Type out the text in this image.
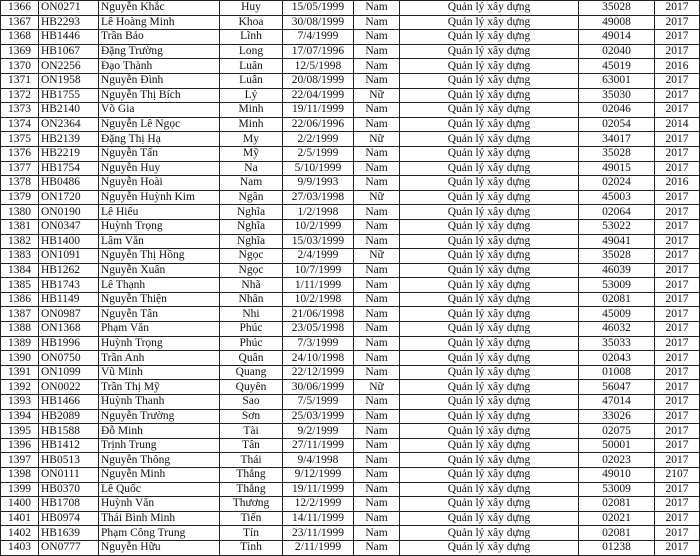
1366	ON0271	Nguyễn Khắc	Huy	15/05/1999	Nam	Quản lý xây dựng	35028	2017
1367	HB2293	Lê Hoàng Minh	Khoa	30/08/1999	Nam	Quản lý xây dựng	49008	2017
1368	HB1446	Trần Bảo	Lĩnh	7/4/1999	Nam	Quản lý xây dựng	49014	2017
1369	HB1067	Đặng Trường	Long	17/07/1996	Nam	Quản lý xây dựng	02040	2017
1370	ON2256	Đạo Thành	Luân	12/5/1998	Nam	Quản lý xây dựng	45019	2016
1371	ON1958	Nguyễn Đình	Luân	20/08/1999	Nam	Quản lý xây dựng	63001	2017
1372	HB1755	Nguyễn Thị Bích	Lý	22/04/1999	Nữ	Quản lý xây dựng	35030	2017
1373	HB2140	Võ Gia	Minh	19/11/1999	Nam	Quản lý xây dựng	02046	2017
1374	ON2364	Nguyễn Lê Ngọc	Minh	22/06/1996	Nam	Quản lý xây dựng	02054	2014
1375	HB2139	Đặng Thị Hạ	My	2/2/1999	Nữ	Quản lý xây dựng	34017	2017
1376	HB2219	Nguyễn Tấn	Mỹ	2/5/1999	Nam	Quản lý xây dựng	35028	2017
1377	HB1754	Nguyễn Huy	Na	5/10/1999	Nam	Quản lý xây dựng	49015	2017
1378	HB0486	Nguyễn Hoài	Nam	9/9/1993	Nam	Quản lý xây dựng	02024	2016
1379	ON1720	Nguyễn Huỳnh Kim	Ngân	27/03/1998	Nữ	Quản lý xây dựng	45003	2017
1380	ON0190	Lê Hiếu	Nghĩa	1/2/1998	Nam	Quản lý xây dựng	02064	2017
1381	ON0347	Huỳnh Trọng	Nghĩa	10/2/1999	Nam	Quản lý xây dựng	53022	2017
1382	HB1400	Lâm Văn	Nghĩa	15/03/1999	Nam	Quản lý xây dựng	49041	2017
1383	ON1091	Nguyễn Thị Hồng	Ngọc	2/4/1999	Nữ	Quản lý xây dựng	35028	2017
1384	HB1262	Nguyễn Xuân	Ngọc	10/7/1999	Nam	Quản lý xây dựng	46039	2017
1385	HB1743	Lê Thạnh	Nhã	1/11/1999	Nam	Quản lý xây dựng	53009	2017
1386	HB1149	Nguyễn Thiện	Nhân	10/2/1998	Nam	Quản lý xây dựng	02081	2017
1387	ON0987	Nguyễn Tân	Nhi	21/06/1998	Nam	Quản lý xây dựng	45009	2017
1388	ON1368	Phạm Văn	Phúc	23/05/1998	Nam	Quản lý xây dựng	46032	2017
1389	HB1996	Huỳnh Trọng	Phúc	7/3/1999	Nam	Quản lý xây dựng	35033	2017
1390	ON0750	Trần Anh	Quân	24/10/1998	Nam	Quản lý xây dựng	02043	2017
1391	ON1099	Vũ Minh	Quang	22/12/1999	Nam	Quản lý xây dựng	01008	2017
1392	ON0022	Trần Thị Mỹ	Quyên	30/06/1999	Nữ	Quản lý xây dựng	56047	2017
1393	HB1466	Huỳnh Thanh	Sao	7/5/1999	Nam	Quản lý xây dựng	47014	2017
1394	HB2089	Nguyễn Trường	Sơn	25/03/1999	Nam	Quản lý xây dựng	33026	2017
1395	HB1588	Đỗ Minh	Tài	9/2/1999	Nam	Quản lý xây dựng	02075	2017
1396	HB1412	Trịnh Trung	Tân	27/11/1999	Nam	Quản lý xây dựng	50001	2017
1397	HB0513	Nguyễn Thông	Thái	9/4/1998	Nam	Quản lý xây dựng	02023	2017
1398	ON0111	Nguyễn Minh	Thắng	9/12/1999	Nam	Quản lý xây dựng	49010	2107
1399	HB0370	Lê Quốc	Thắng	19/11/1999	Nam	Quản lý xây dựng	53009	2017
1400	HB1708	Huỳnh Văn	Thương	12/2/1999	Nam	Quản lý xây dựng	02081	2017
1401	HB0974	Thái Bình Minh	Tiến	14/11/1999	Nam	Quản lý xây dựng	02021	2017
1402	HB1639	Phạm Công Trung	Tín	23/11/1999	Nam	Quản lý xây dựng	02081	2017
1403	ON0777	Nguyễn Hữu	Tình	2/11/1999	Nam	Quản lý xây dựng	01238	2017
